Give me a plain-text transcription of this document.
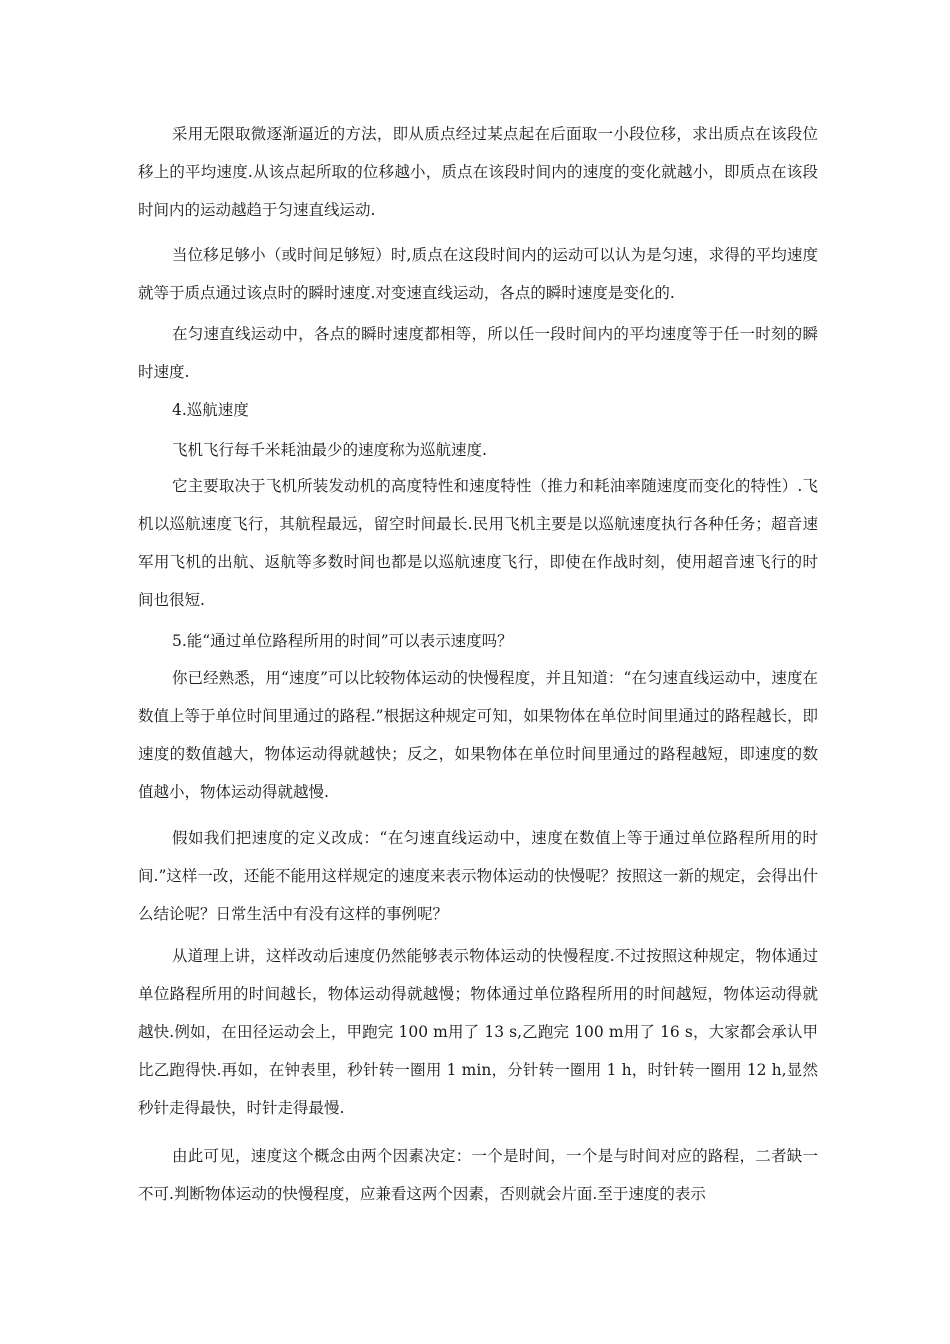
采用无限取微逐渐逼近的方法，即从质点经过某点起在后面取一小段位移，求出质点在该段位移上的平均速度.从该点起所取的位移越小，质点在该段时间内的速度的变化就越小，即质点在该段时间内的运动越趋于匀速直线运动.

当位移足够小（或时间足够短）时,质点在这段时间内的运动可以认为是匀速，求得的平均速度就等于质点通过该点时的瞬时速度.对变速直线运动，各点的瞬时速度是变化的.

在匀速直线运动中，各点的瞬时速度都相等，所以任一段时间内的平均速度等于任一时刻的瞬时速度.

4.巡航速度

飞机飞行每千米耗油最少的速度称为巡航速度.

它主要取决于飞机所装发动机的高度特性和速度特性（推力和耗油率随速度而变化的特性）.飞机以巡航速度飞行，其航程最远，留空时间最长.民用飞机主要是以巡航速度执行各种任务；超音速军用飞机的出航、返航等多数时间也都是以巡航速度飞行，即使在作战时刻，使用超音速飞行的时间也很短.

5.能“通过单位路程所用的时间”可以表示速度吗？

你已经熟悉，用“速度”可以比较物体运动的快慢程度，并且知道：“在匀速直线运动中，速度在数值上等于单位时间里通过的路程.”根据这种规定可知，如果物体在单位时间里通过的路程越长，即速度的数值越大，物体运动得就越快；反之，如果物体在单位时间里通过的路程越短，即速度的数值越小，物体运动得就越慢.

假如我们把速度的定义改成：“在匀速直线运动中，速度在数值上等于通过单位路程所用的时间.”这样一改，还能不能用这样规定的速度来表示物体运动的快慢呢？按照这一新的规定，会得出什么结论呢？日常生活中有没有这样的事例呢？

从道理上讲，这样改动后速度仍然能够表示物体运动的快慢程度.不过按照这种规定，物体通过单位路程所用的时间越长，物体运动得就越慢；物体通过单位路程所用的时间越短，物体运动得就越快.例如，在田径运动会上，甲跑完 100 m用了 13 s,乙跑完 100 m用了 16 s，大家都会承认甲比乙跑得快.再如，在钟表里，秒针转一圈用 1 min，分针转一圈用 1 h，时针转一圈用 12 h,显然秒针走得最快，时针走得最慢.

由此可见，速度这个概念由两个因素决定：一个是时间，一个是与时间对应的路程，二者缺一不可.判断物体运动的快慢程度，应兼看这两个因素，否则就会片面.至于速度的表示
